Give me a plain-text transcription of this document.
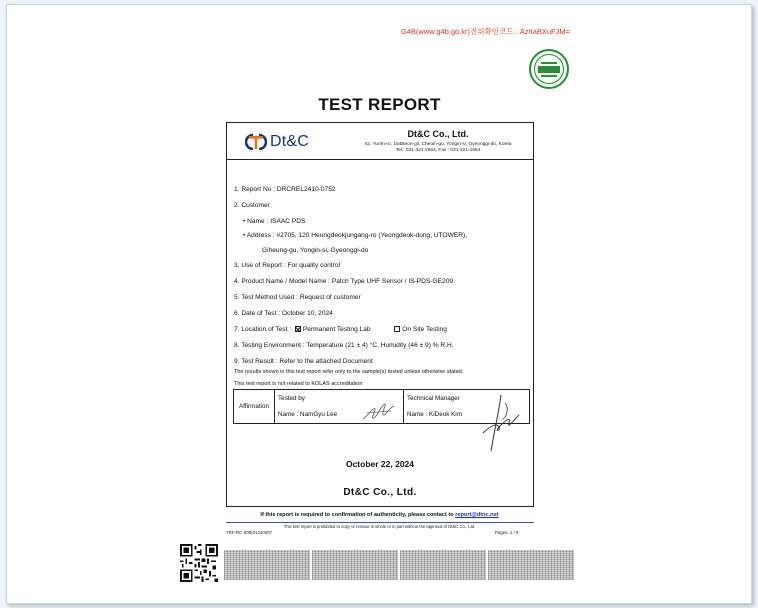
G4B(www.g4b.go.kr)진위확인코드 : AztIaBXuFJM=
TEST REPORT
Dt&C	Dt&C Co., Ltd.
42, Yurim-ro, 154Beon-gil, Cheoin-gu, Yongin-si, Gyeonggi-do, Korea
Tel : 031-321-2664, Fax : 031-321-1664
1. Report No : DRCREL2410-0752
2. Customer
• Name : ISAAC PDS
• Address : #2705, 120 Heungdeokjungang-ro (Yeongdeok-dong, UTOWER),
Giheung-gu, Yongin-si, Gyeonggi-do
3. Use of Report : For quality control
4. Product Name / Model Name : Patch Type UHF Sensor / IS-PDS-GE209
5. Test Method Used : Request of customer
6. Date of Test : October 10, 2024
7. Location of Test : Permanent Testing Lab	On Site Testing
8. Testing Environment : Temperature (21 ± 4) °C, Humidity (46 ± 9) % R.H.
9. Test Result : Refer to the attached Document
The results shown in this test report refer only to the sample(s) tested unless otherwise stated.
This test report is not related to KOLAS accreditation
Affirmation	Tested by	Technical Manager
	Name : NamGyu Lee	Name : KiDeok Kim
October 22, 2024
Dt&C Co., Ltd.
If this report is required to confirmation of authenticity, please contact to report@dtnc.net
This test report is prohibited to copy or reissue in whole or in part without the approval of Dt&C Co., Ltd.
TRF-RC-008(01240307	Pages: 1 / 9
